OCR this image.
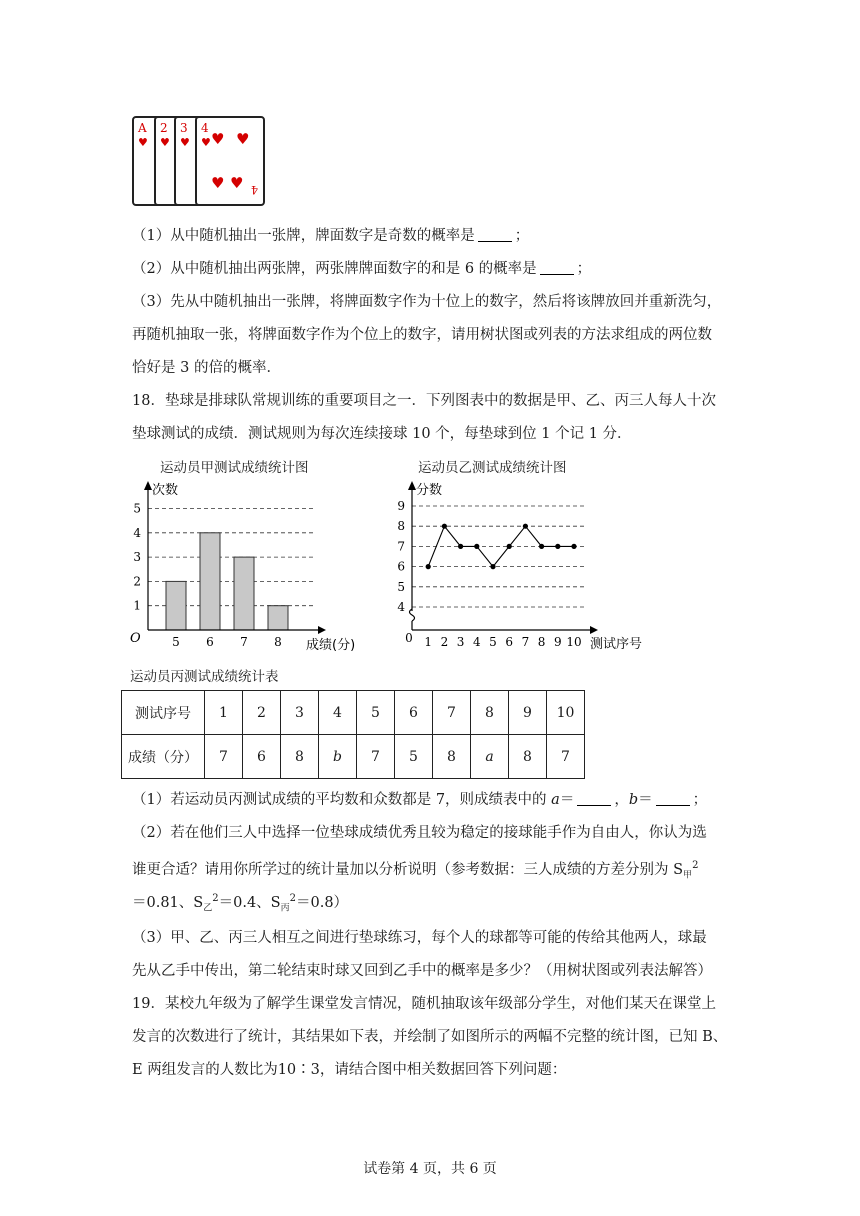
A
♥
2
♥
3
♥
4
♥ ♥ ♥
♥ ♥ 4
（1）从中随机抽出一张牌，牌面数字是奇数的概率是	；
（2）从中随机抽出两张牌，两张牌牌面数字的和是 6 的概率是	；
（3）先从中随机抽出一张牌，将牌面数字作为十位上的数字，然后将该牌放回并重新洗匀，
再随机抽取一张，将牌面数字作为个位上的数字，请用树状图或列表的方法求组成的两位数
恰好是 3 的倍的概率．
18．垫球是排球队常规训练的重要项目之一．下列图表中的数据是甲、乙、丙三人每人十次
垫球测试的成绩．测试规则为每次连续接球 10 个，每垫球到位 1 个记 1 分．
运动员甲测试成绩统计图	运动员乙测试成绩统计图
O
1
2
3
4
5
5 6 7 8
次数
成绩(分)	0
4
5
6
7
8
9
1 2 3 4 5 6 7 8 9 10
分数
测试序号
运动员丙测试成绩统计表
测试序号	1	2	3	4	5	6	7	8	9	10
成绩（分）	7	6	8	b	7	5	8	a	8	7
（1）若运动员丙测试成绩的平均数和众数都是 7，则成绩表中的 a＝	，b＝	；
（2）若在他们三人中选择一位垫球成绩优秀且较为稳定的接球能手作为自由人，你认为选
谁更合适？请用你所学过的统计量加以分析说明（参考数据：三人成绩的方差分别为 $S_甲^2$
＝0.81、$S_乙^2=0.4$、$S_丙^2=0.8$）
（3）甲、乙、丙三人相互之间进行垫球练习，每个人的球都等可能的传给其他两人，球最
先从乙手中传出，第二轮结束时球又回到乙手中的概率是多少？（用树状图或列表法解答）
19．某校九年级为了解学生课堂发言情况，随机抽取该年级部分学生，对他们某天在课堂上
发言的次数进行了统计，其结果如下表，并绘制了如图所示的两幅不完整的统计图，已知 B、
E 两组发言的人数比为10∶3，请结合图中相关数据回答下列问题：
试卷第 4 页，共 6 页
